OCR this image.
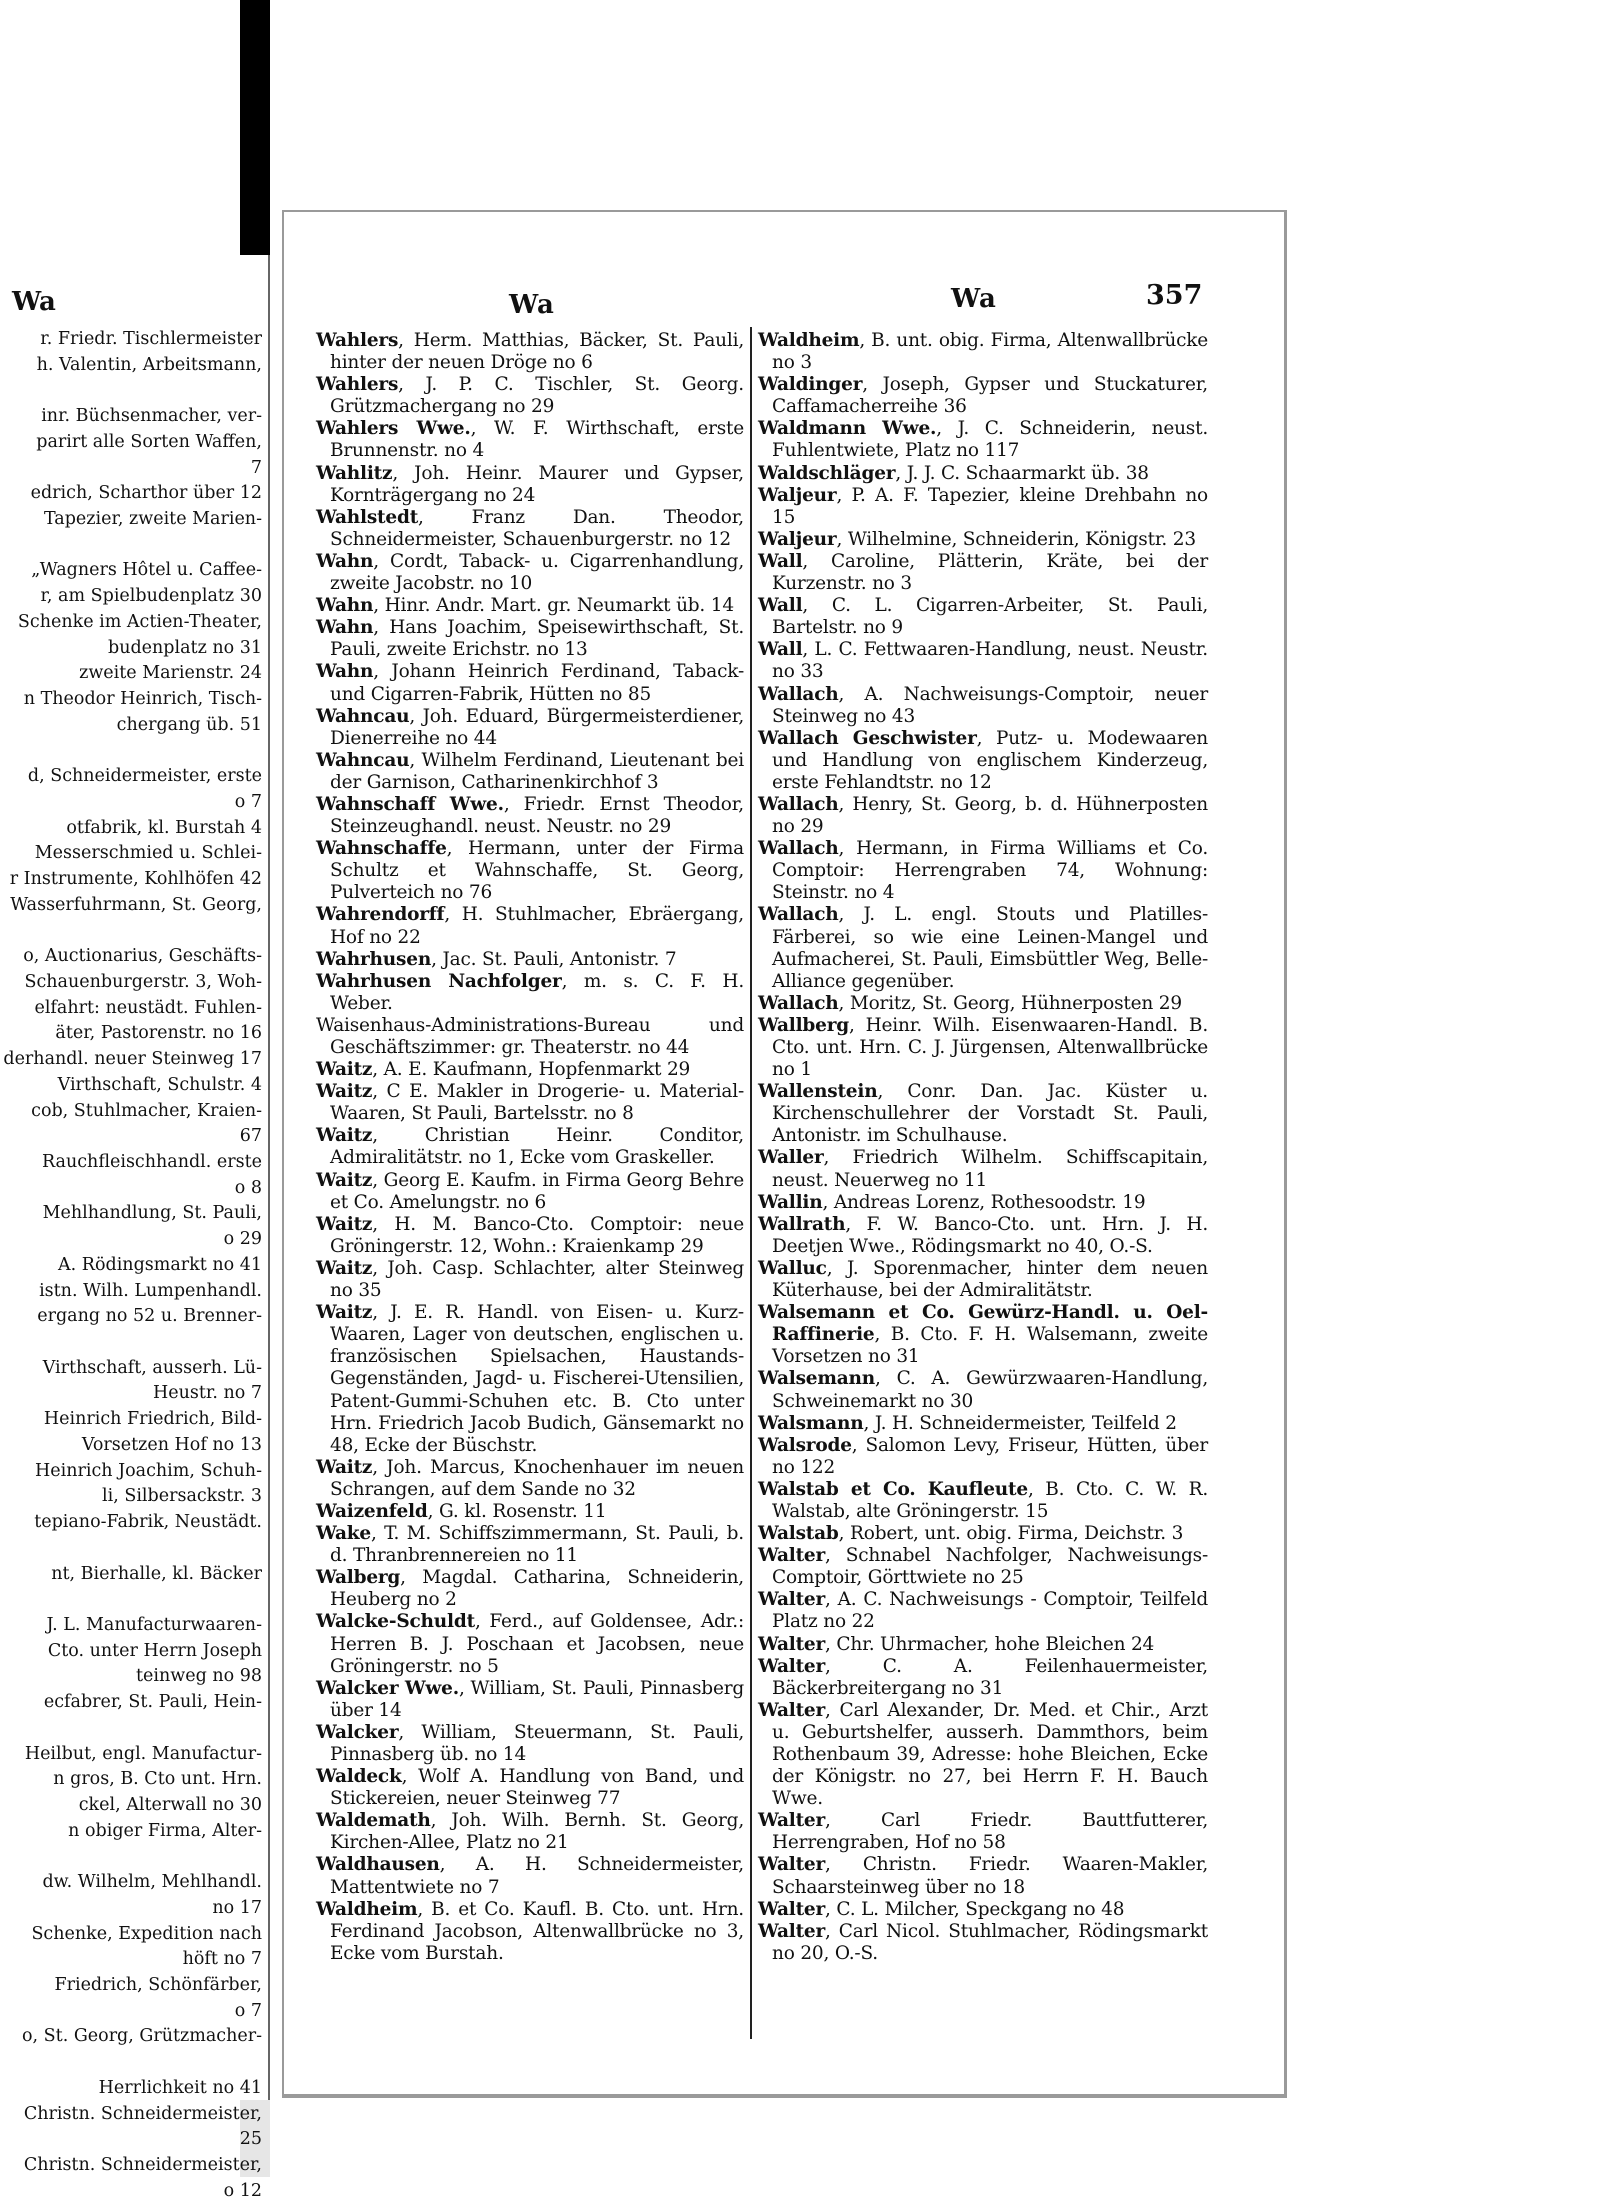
Wa
r. Friedr. Tischlermeister
h. Valentin, Arbeitsmann,

inr. Büchsenmacher, ver-
parirt alle Sorten Waffen,
7
edrich, Scharthor über 12
Tapezier, zweite Marien-

„Wagners Hôtel u. Caffee-
r, am Spielbudenplatz 30
Schenke im Actien-Theater,
budenplatz no 31
zweite Marienstr. 24
n Theodor Heinrich, Tisch-
chergang üb. 51

d, Schneidermeister, erste
o 7
otfabrik, kl. Burstah 4
Messerschmied u. Schlei-
r Instrumente, Kohlhöfen 42
Wasserfuhrmann, St. Georg,

o, Auctionarius, Geschäfts-
Schauenburgerstr. 3, Woh-
elfahrt: neustädt. Fuhlen-
äter, Pastorenstr. no 16
derhandl. neuer Steinweg 17
Virthschaft, Schulstr. 4
cob, Stuhlmacher, Kraien-
67
Rauchfleischhandl. erste
o 8
Mehlhandlung, St. Pauli,
o 29
A. Rödingsmarkt no 41
istn. Wilh. Lumpenhandl.
ergang no 52 u. Brenner-

Virthschaft, ausserh. Lü-
Heustr. no 7
Heinrich Friedrich, Bild-
Vorsetzen Hof no 13
Heinrich Joachim, Schuh-
li, Silbersackstr. 3
tepiano-Fabrik, Neustädt.

nt, Bierhalle, kl. Bäcker

J. L. Manufacturwaaren-
Cto. unter Herrn Joseph
teinweg no 98
ecfabrer, St. Pauli, Hein-

Heilbut, engl. Manufactur-
n gros, B. Cto unt. Hrn.
ckel, Alterwall no 30
n obiger Firma, Alter-

dw. Wilhelm, Mehlhandl.
no 17
Schenke, Expedition nach
höft no 7
Friedrich, Schönfärber,
o 7
o, St. Georg, Grützmacher-

Herrlichkeit no 41
Christn. Schneidermeister,
25
Christn. Schneidermeister,
o 12
Wa	Wa	357

Wahlers, Herm. Matthias, Bäcker, St. Pauli, hinter der neuen Dröge no 6

Wahlers, J. P. C. Tischler, St. Georg. Grützmachergang no 29

Wahlers Wwe., W. F. Wirthschaft, erste Brunnenstr. no 4

Wahlitz, Joh. Heinr. Maurer und Gypser, Kornträgergang no 24

Wahlstedt, Franz Dan. Theodor, Schneidermeister, Schauenburgerstr. no 12

Wahn, Cordt, Taback- u. Cigarrenhandlung, zweite Jacobstr. no 10

Wahn, Hinr. Andr. Mart. gr. Neumarkt üb. 14

Wahn, Hans Joachim, Speisewirthschaft, St. Pauli, zweite Erichstr. no 13

Wahn, Johann Heinrich Ferdinand, Taback- und Cigarren-Fabrik, Hütten no 85

Wahncau, Joh. Eduard, Bürgermeisterdiener, Dienerreihe no 44

Wahncau, Wilhelm Ferdinand, Lieutenant bei der Garnison, Catharinenkirchhof 3

Wahnschaff Wwe., Friedr. Ernst Theodor, Steinzeughandl. neust. Neustr. no 29

Wahnschaffe, Hermann, unter der Firma Schultz et Wahnschaffe, St. Georg, Pulverteich no 76

Wahrendorff, H. Stuhlmacher, Ebräergang, Hof no 22

Wahrhusen, Jac. St. Pauli, Antonistr. 7

Wahrhusen Nachfolger, m. s. C. F. H. Weber.

Waisenhaus-Administrations-Bureau und Geschäftszimmer: gr. Theaterstr. no 44

Waitz, A. E. Kaufmann, Hopfenmarkt 29

Waitz, C E. Makler in Drogerie- u. Material-Waaren, St Pauli, Bartelsstr. no 8

Waitz, Christian Heinr. Conditor, Admiralitätstr. no 1, Ecke vom Graskeller.

Waitz, Georg E. Kaufm. in Firma Georg Behre et Co. Amelungstr. no 6

Waitz, H. M. Banco-Cto. Comptoir: neue Gröningerstr. 12, Wohn.: Kraienkamp 29

Waitz, Joh. Casp. Schlachter, alter Steinweg no 35

Waitz, J. E. R. Handl. von Eisen- u. Kurz-Waaren, Lager von deutschen, englischen u. französischen Spielsachen, Haustands-Gegenständen, Jagd- u. Fischerei-Utensilien, Patent-Gummi-Schuhen etc. B. Cto unter Hrn. Friedrich Jacob Budich, Gänsemarkt no 48, Ecke der Büschstr.

Waitz, Joh. Marcus, Knochenhauer im neuen Schrangen, auf dem Sande no 32

Waizenfeld, G. kl. Rosenstr. 11

Wake, T. M. Schiffszimmermann, St. Pauli, b. d. Thranbrennereien no 11

Walberg, Magdal. Catharina, Schneiderin, Heuberg no 2

Walcke-Schuldt, Ferd., auf Goldensee, Adr.: Herren B. J. Poschaan et Jacobsen, neue Gröningerstr. no 5

Walcker Wwe., William, St. Pauli, Pinnasberg über 14

Walcker, William, Steuermann, St. Pauli, Pinnasberg üb. no 14

Waldeck, Wolf A. Handlung von Band, und Stickereien, neuer Steinweg 77

Waldemath, Joh. Wilh. Bernh. St. Georg, Kirchen-Allee, Platz no 21

Waldhausen, A. H. Schneidermeister, Mattentwiete no 7

Waldheim, B. et Co. Kaufl. B. Cto. unt. Hrn. Ferdinand Jacobson, Altenwallbrücke no 3, Ecke vom Burstah.

Waldheim, B. unt. obig. Firma, Altenwallbrücke no 3

Waldinger, Joseph, Gypser und Stuckaturer, Caffamacherreihe 36

Waldmann Wwe., J. C. Schneiderin, neust. Fuhlentwiete, Platz no 117

Waldschläger, J. J. C. Schaarmarkt üb. 38

Waljeur, P. A. F. Tapezier, kleine Drehbahn no 15

Waljeur, Wilhelmine, Schneiderin, Königstr. 23

Wall, Caroline, Plätterin, Kräte, bei der Kurzenstr. no 3

Wall, C. L. Cigarren-Arbeiter, St. Pauli, Bartelstr. no 9

Wall, L. C. Fettwaaren-Handlung, neust. Neustr. no 33

Wallach, A. Nachweisungs-Comptoir, neuer Steinweg no 43

Wallach Geschwister, Putz- u. Modewaaren und Handlung von englischem Kinderzeug, erste Fehlandtstr. no 12

Wallach, Henry, St. Georg, b. d. Hühnerposten no 29

Wallach, Hermann, in Firma Williams et Co. Comptoir: Herrengraben 74, Wohnung: Steinstr. no 4

Wallach, J. L. engl. Stouts und Platilles-Färberei, so wie eine Leinen-Mangel und Aufmacherei, St. Pauli, Eimsbüttler Weg, Belle-Alliance gegenüber.

Wallach, Moritz, St. Georg, Hühnerposten 29

Wallberg, Heinr. Wilh. Eisenwaaren-Handl. B. Cto. unt. Hrn. C. J. Jürgensen, Altenwallbrücke no 1

Wallenstein, Conr. Dan. Jac. Küster u. Kirchenschullehrer der Vorstadt St. Pauli, Antonistr. im Schulhause.

Waller, Friedrich Wilhelm. Schiffscapitain, neust. Neuerweg no 11

Wallin, Andreas Lorenz, Rothesoodstr. 19

Wallrath, F. W. Banco-Cto. unt. Hrn. J. H. Deetjen Wwe., Rödingsmarkt no 40, O.-S.

Walluc, J. Sporenmacher, hinter dem neuen Küterhause, bei der Admiralitätstr.

Walsemann et Co. Gewürz-Handl. u. Oel-Raffinerie, B. Cto. F. H. Walsemann, zweite Vorsetzen no 31

Walsemann, C. A. Gewürzwaaren-Handlung, Schweinemarkt no 30

Walsmann, J. H. Schneidermeister, Teilfeld 2

Walsrode, Salomon Levy, Friseur, Hütten, über no 122

Walstab et Co. Kaufleute, B. Cto. C. W. R. Walstab, alte Gröningerstr. 15

Walstab, Robert, unt. obig. Firma, Deichstr. 3

Walter, Schnabel Nachfolger, Nachweisungs-Comptoir, Görttwiete no 25

Walter, A. C. Nachweisungs - Comptoir, Teilfeld Platz no 22

Walter, Chr. Uhrmacher, hohe Bleichen 24

Walter, C. A. Feilenhauermeister, Bäckerbreitergang no 31

Walter, Carl Alexander, Dr. Med. et Chir., Arzt u. Geburtshelfer, ausserh. Dammthors, beim Rothenbaum 39, Adresse: hohe Bleichen, Ecke der Königstr. no 27, bei Herrn F. H. Bauch Wwe.

Walter, Carl Friedr. Bauttfutterer, Herrengraben, Hof no 58

Walter, Christn. Friedr. Waaren-Makler, Schaarsteinweg über no 18

Walter, C. L. Milcher, Speckgang no 48

Walter, Carl Nicol. Stuhlmacher, Rödingsmarkt no 20, O.-S.
